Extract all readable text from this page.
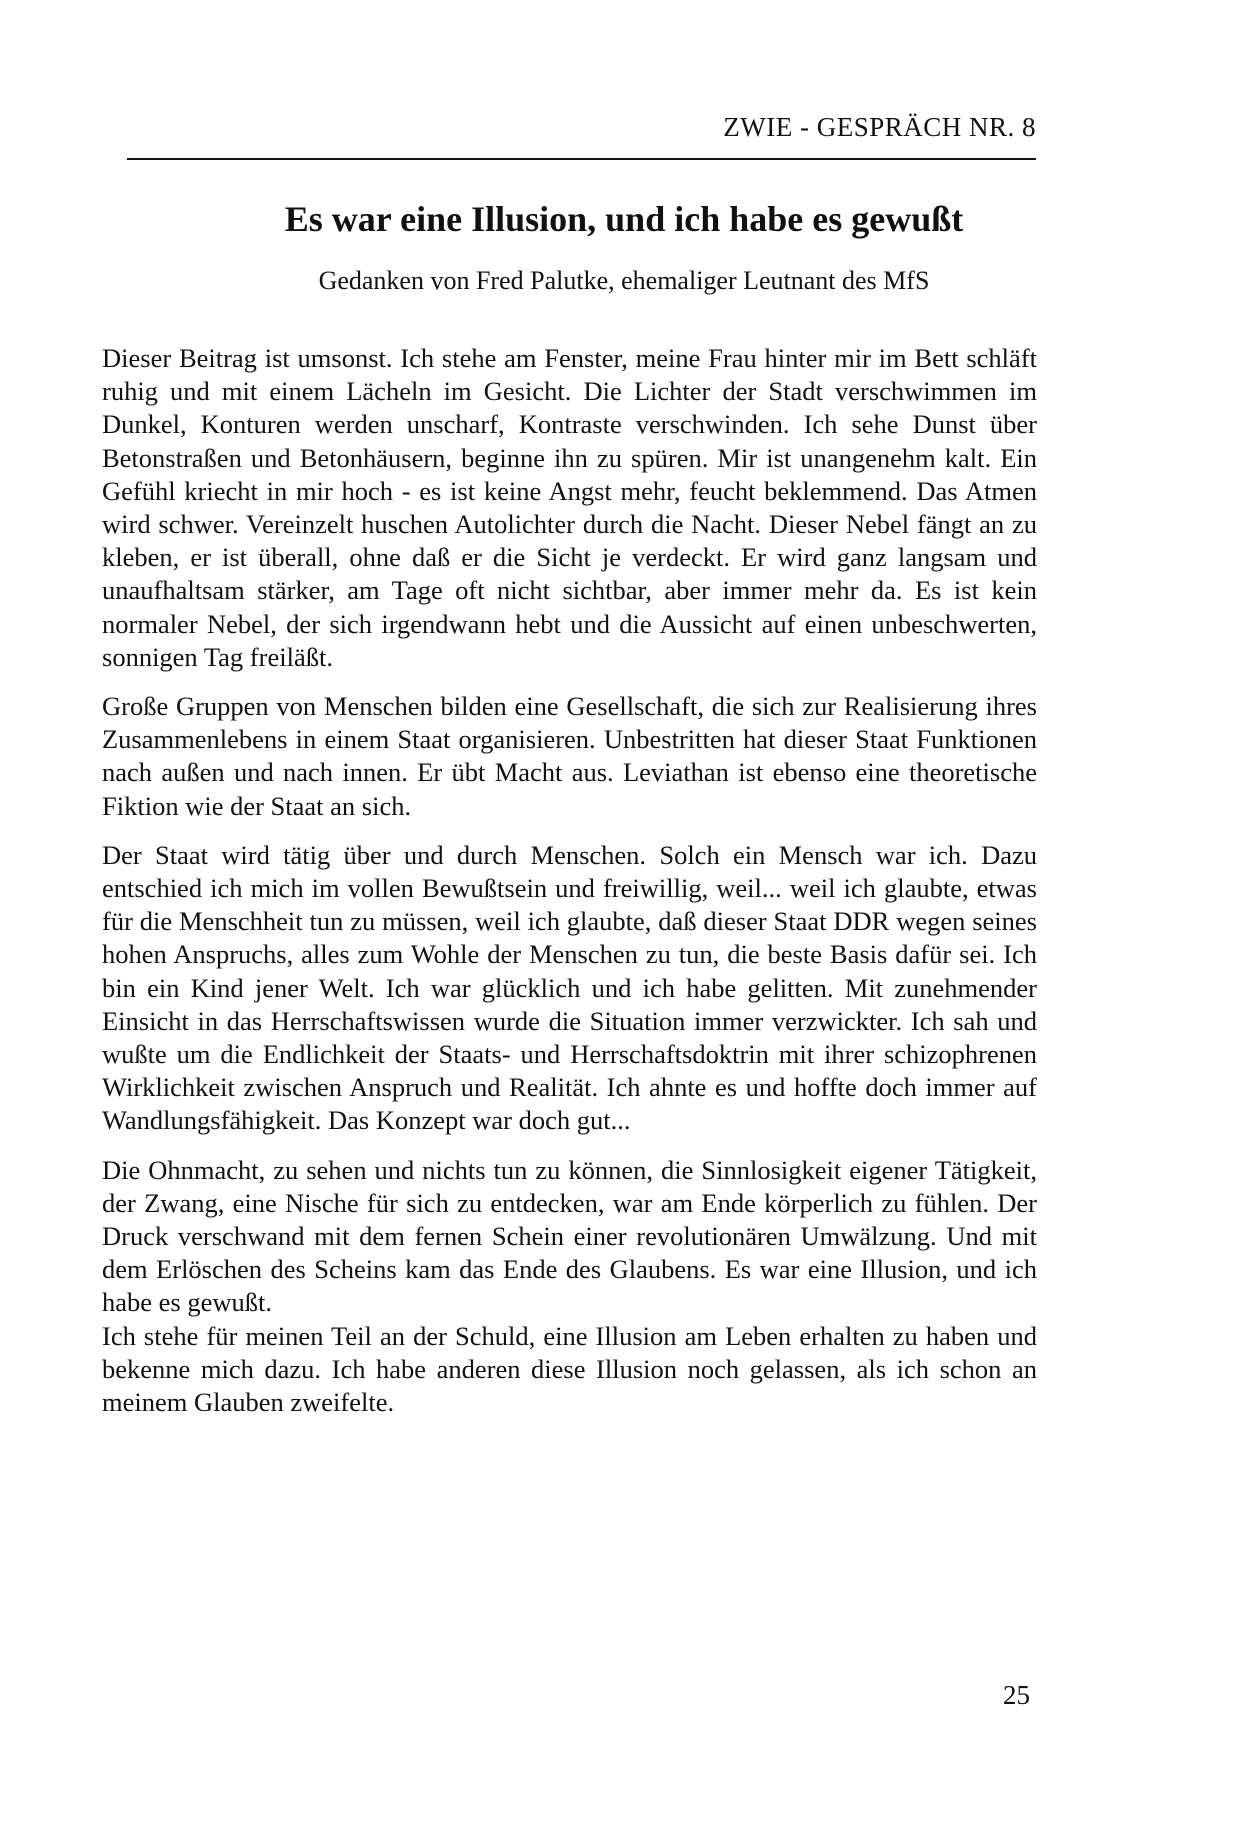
ZWIE - GESPRÄCH NR. 8
Es war eine Illusion, und ich habe es gewußt
Gedanken von Fred Palutke, ehemaliger Leutnant des MfS

Dieser Beitrag ist umsonst. Ich stehe am Fenster, meine Frau hinter mir im Bett schläft ruhig und mit einem Lächeln im Gesicht. Die Lichter der Stadt verschwimmen im Dunkel, Konturen werden unscharf, Kontraste verschwinden. Ich sehe Dunst über Betonstraßen und Betonhäusern, beginne ihn zu spüren. Mir ist unangenehm kalt. Ein Gefühl kriecht in mir hoch - es ist keine Angst mehr, feucht beklemmend. Das Atmen wird schwer. Vereinzelt huschen Autolichter durch die Nacht. Dieser Nebel fängt an zu kleben, er ist überall, ohne daß er die Sicht je verdeckt. Er wird ganz langsam und unaufhaltsam stärker, am Tage oft nicht sichtbar, aber immer mehr da. Es ist kein normaler Nebel, der sich irgendwann hebt und die Aussicht auf einen unbeschwerten, sonnigen Tag freiläßt.

Große Gruppen von Menschen bilden eine Gesellschaft, die sich zur Realisierung ihres Zusammenlebens in einem Staat organisieren. Unbestritten hat dieser Staat Funktionen nach außen und nach innen. Er übt Macht aus. Leviathan ist ebenso eine theoretische Fiktion wie der Staat an sich.

Der Staat wird tätig über und durch Menschen. Solch ein Mensch war ich. Dazu entschied ich mich im vollen Bewußtsein und freiwillig, weil... weil ich glaubte, etwas für die Menschheit tun zu müssen, weil ich glaubte, daß dieser Staat DDR wegen seines hohen Anspruchs, alles zum Wohle der Menschen zu tun, die beste Basis dafür sei. Ich bin ein Kind jener Welt. Ich war glücklich und ich habe gelitten. Mit zunehmender Einsicht in das Herrschaftswissen wurde die Situation immer verzwickter. Ich sah und wußte um die Endlichkeit der Staats- und Herrschaftsdoktrin mit ihrer schizophrenen Wirklichkeit zwischen Anspruch und Realität. Ich ahnte es und hoffte doch immer auf Wandlungsfähigkeit. Das Konzept war doch gut...

Die Ohnmacht, zu sehen und nichts tun zu können, die Sinnlosigkeit eigener Tätigkeit, der Zwang, eine Nische für sich zu entdecken, war am Ende körperlich zu fühlen. Der Druck verschwand mit dem fernen Schein einer revolutionären Umwälzung. Und mit dem Erlöschen des Scheins kam das Ende des Glaubens. Es war eine Illusion, und ich habe es gewußt.

Ich stehe für meinen Teil an der Schuld, eine Illusion am Leben erhalten zu haben und bekenne mich dazu. Ich habe anderen diese Illusion noch gelassen, als ich schon an meinem Glauben zweifelte.

25
